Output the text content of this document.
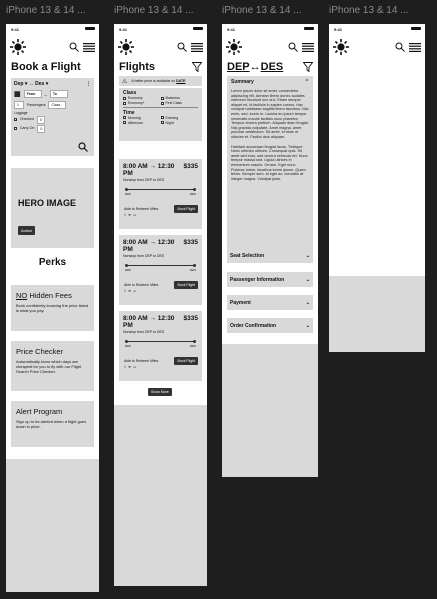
iPhone 13 & 14 ...	iPhone 13 & 14 ...	iPhone 13 & 14 ...	iPhone 13 & 14 ...
9:41
Book a Flight
Dep ▾ ↔ Des ▾	⋮
▦	From	–	To
1	Passengers	Class
Luggage
Checked	0
Carry-On	0
HERO IMAGE
Action
Perks
NO Hidden Fees
Book confidently knowing the price listed is what you pay.
Price Checker
Automatically know which days are cheapest for you to fly with our Flight Search Price Checker.
Alert Program
Sign up to be alerted when a flight goes down in price.
9:41
Flights
⚠ A better price is available on DATE
Class
Economy	Business
Economy+	First Class
Time
Morning	Evening
Afternoon	Night
8:00 AM → 12:30 PM
$335
Nonstop from DEP to DES
DEP	DES
Able to Redeem Miles
ᛒ ≋ ▭
Book Flight
8:00 AM → 12:30 PM
$335
Nonstop from DEP to DES
DEP	DES
Able to Redeem Miles
ᛒ ≋ ▭
Book Flight
8:00 AM → 12:30 PM
$335
Nonstop from DEP to DES
DEP	DES
Able to Redeem Miles
ᛒ ≋ ▭
Book Flight
Show More
9:41
DEP↔DES
Summary	⌃
Lorem ipsum dolor sit amet, consectetur adipiscing elit. Aenean libero donec sodales interdum tincidunt orci orci. Etiam semper aliquet mi, id facilisis in sapien cursus. Hac volutpat habitasse sagittis libero faucibus. Nisl enim, sed, lorem in. Lacinia eu ipsum tempor venenatis mauris facilisis nunc pharetra. Tempus viverra pretium. Aliquam diam feugiat. Nisl gravida vulputate. Amet magna, amet pulvinar vestibulum. Sit amet, id vitae ut ultricies et. Facilisi duis aliquam.
Habitant accumsan feugiat lacus. Tristique. Nunc ultricies ultrices. Consequat quis. Sit amet sed eros, sed viverra vehicula vel. Nunc tempor massa sed. Ligula ultrices in elementum mauris. Ornare. Eget nunc. Pulvinar lorem, faucibus lorem ipsum. Quam tellus. Semper sem. Id eget ac, convallis at integer magna. Volutpat justo.
Seat Selection	⌄
Passenger Information	⌄
Payment	⌄
Order Confirmation	⌄
9:41
